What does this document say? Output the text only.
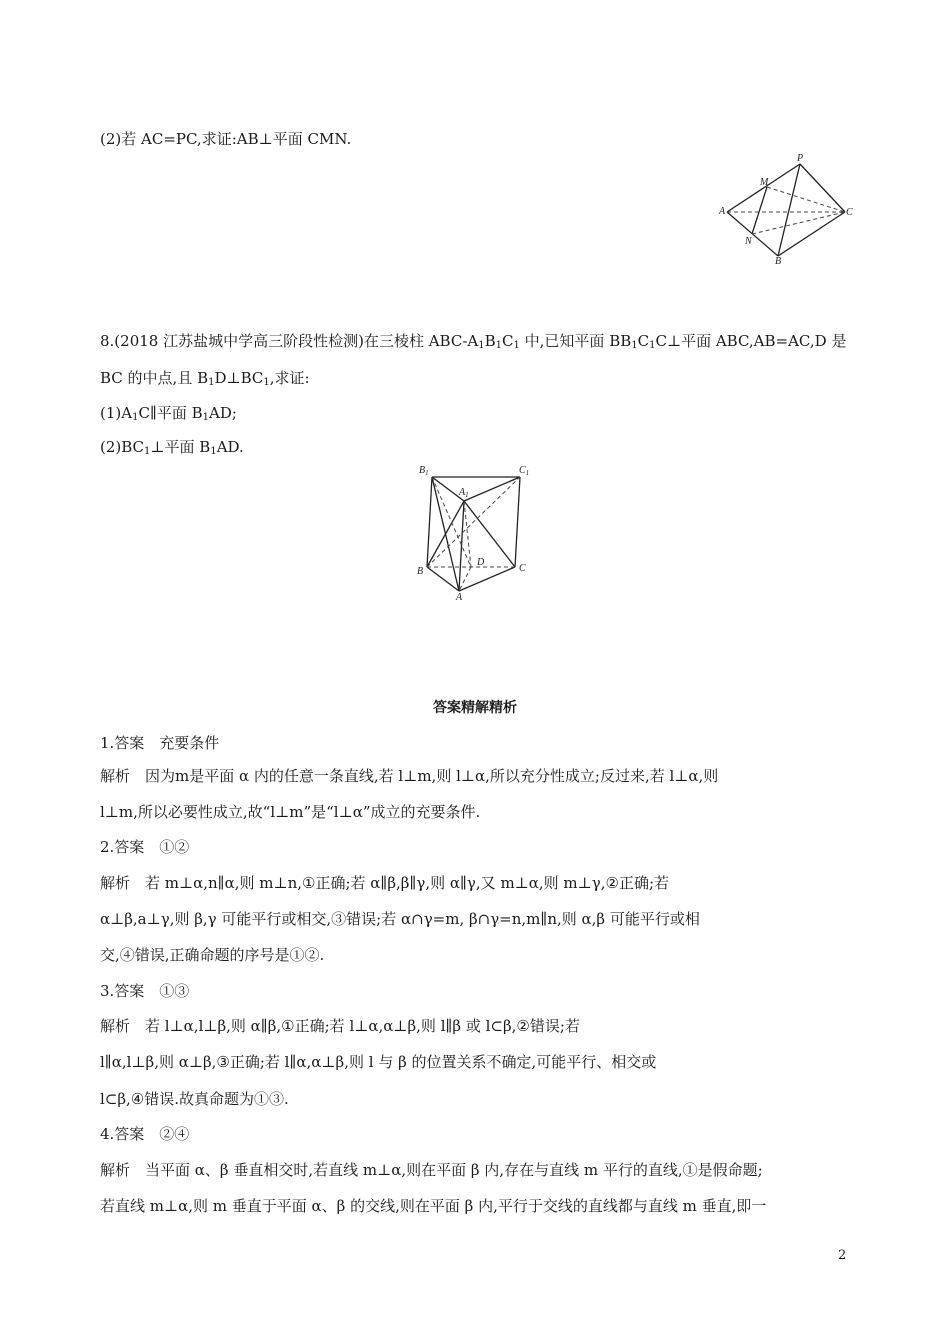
(2)若 AC=PC,求证:AB⊥平面 CMN.
P
M
A	C
N
B
8.(2018 江苏盐城中学高三阶段性检测)在三棱柱 ABC-$A_1B_1C_1$ 中,已知平面 $BB_1C_1C\perp$平面 ABC,AB=AC,D 是
BC 的中点,且 $B_1D\perp BC_1$,求证:
$(1)A_1C\parallel$平面 $B_1AD$;
$(2)BC_1\perp$平面 $B_1AD$.
$B_1$	$C_1$
$A_1$
B	C
D
A
答案精解精析
1.答案　充要条件
解析　因为m是平面 α 内的任意一条直线,若 l⊥m,则 l⊥α,所以充分性成立;反过来,若 l⊥α,则
l⊥m,所以必要性成立,故“l⊥m”是“l⊥α”成立的充要条件.
2.答案　①②
解析　若 m⊥α,n∥α,则 m⊥n,①正确;若 α∥β,β∥γ,则 α∥γ,又 m⊥α,则 m⊥γ,②正确;若
α⊥β,a⊥γ,则 β,γ 可能平行或相交,③错误;若 α∩γ=m, β∩γ=n,m∥n,则 α,β 可能平行或相
交,④错误,正确命题的序号是①②.
3.答案　①③
解析　若 l⊥α,l⊥β,则 α∥β,①正确;若 l⊥α,α⊥β,则 l∥β 或 l⊂β,②错误;若
l∥α,l⊥β,则 α⊥β,③正确;若 l∥α,α⊥β,则 l 与 β 的位置关系不确定,可能平行、相交或
l⊂β,④错误.故真命题为①③.
4.答案　②④
解析　当平面 α、β 垂直相交时,若直线 m⊥α,则在平面 β 内,存在与直线 m 平行的直线,①是假命题;
若直线 m⊥α,则 m 垂直于平面 α、β 的交线,则在平面 β 内,平行于交线的直线都与直线 m 垂直,即一
2
